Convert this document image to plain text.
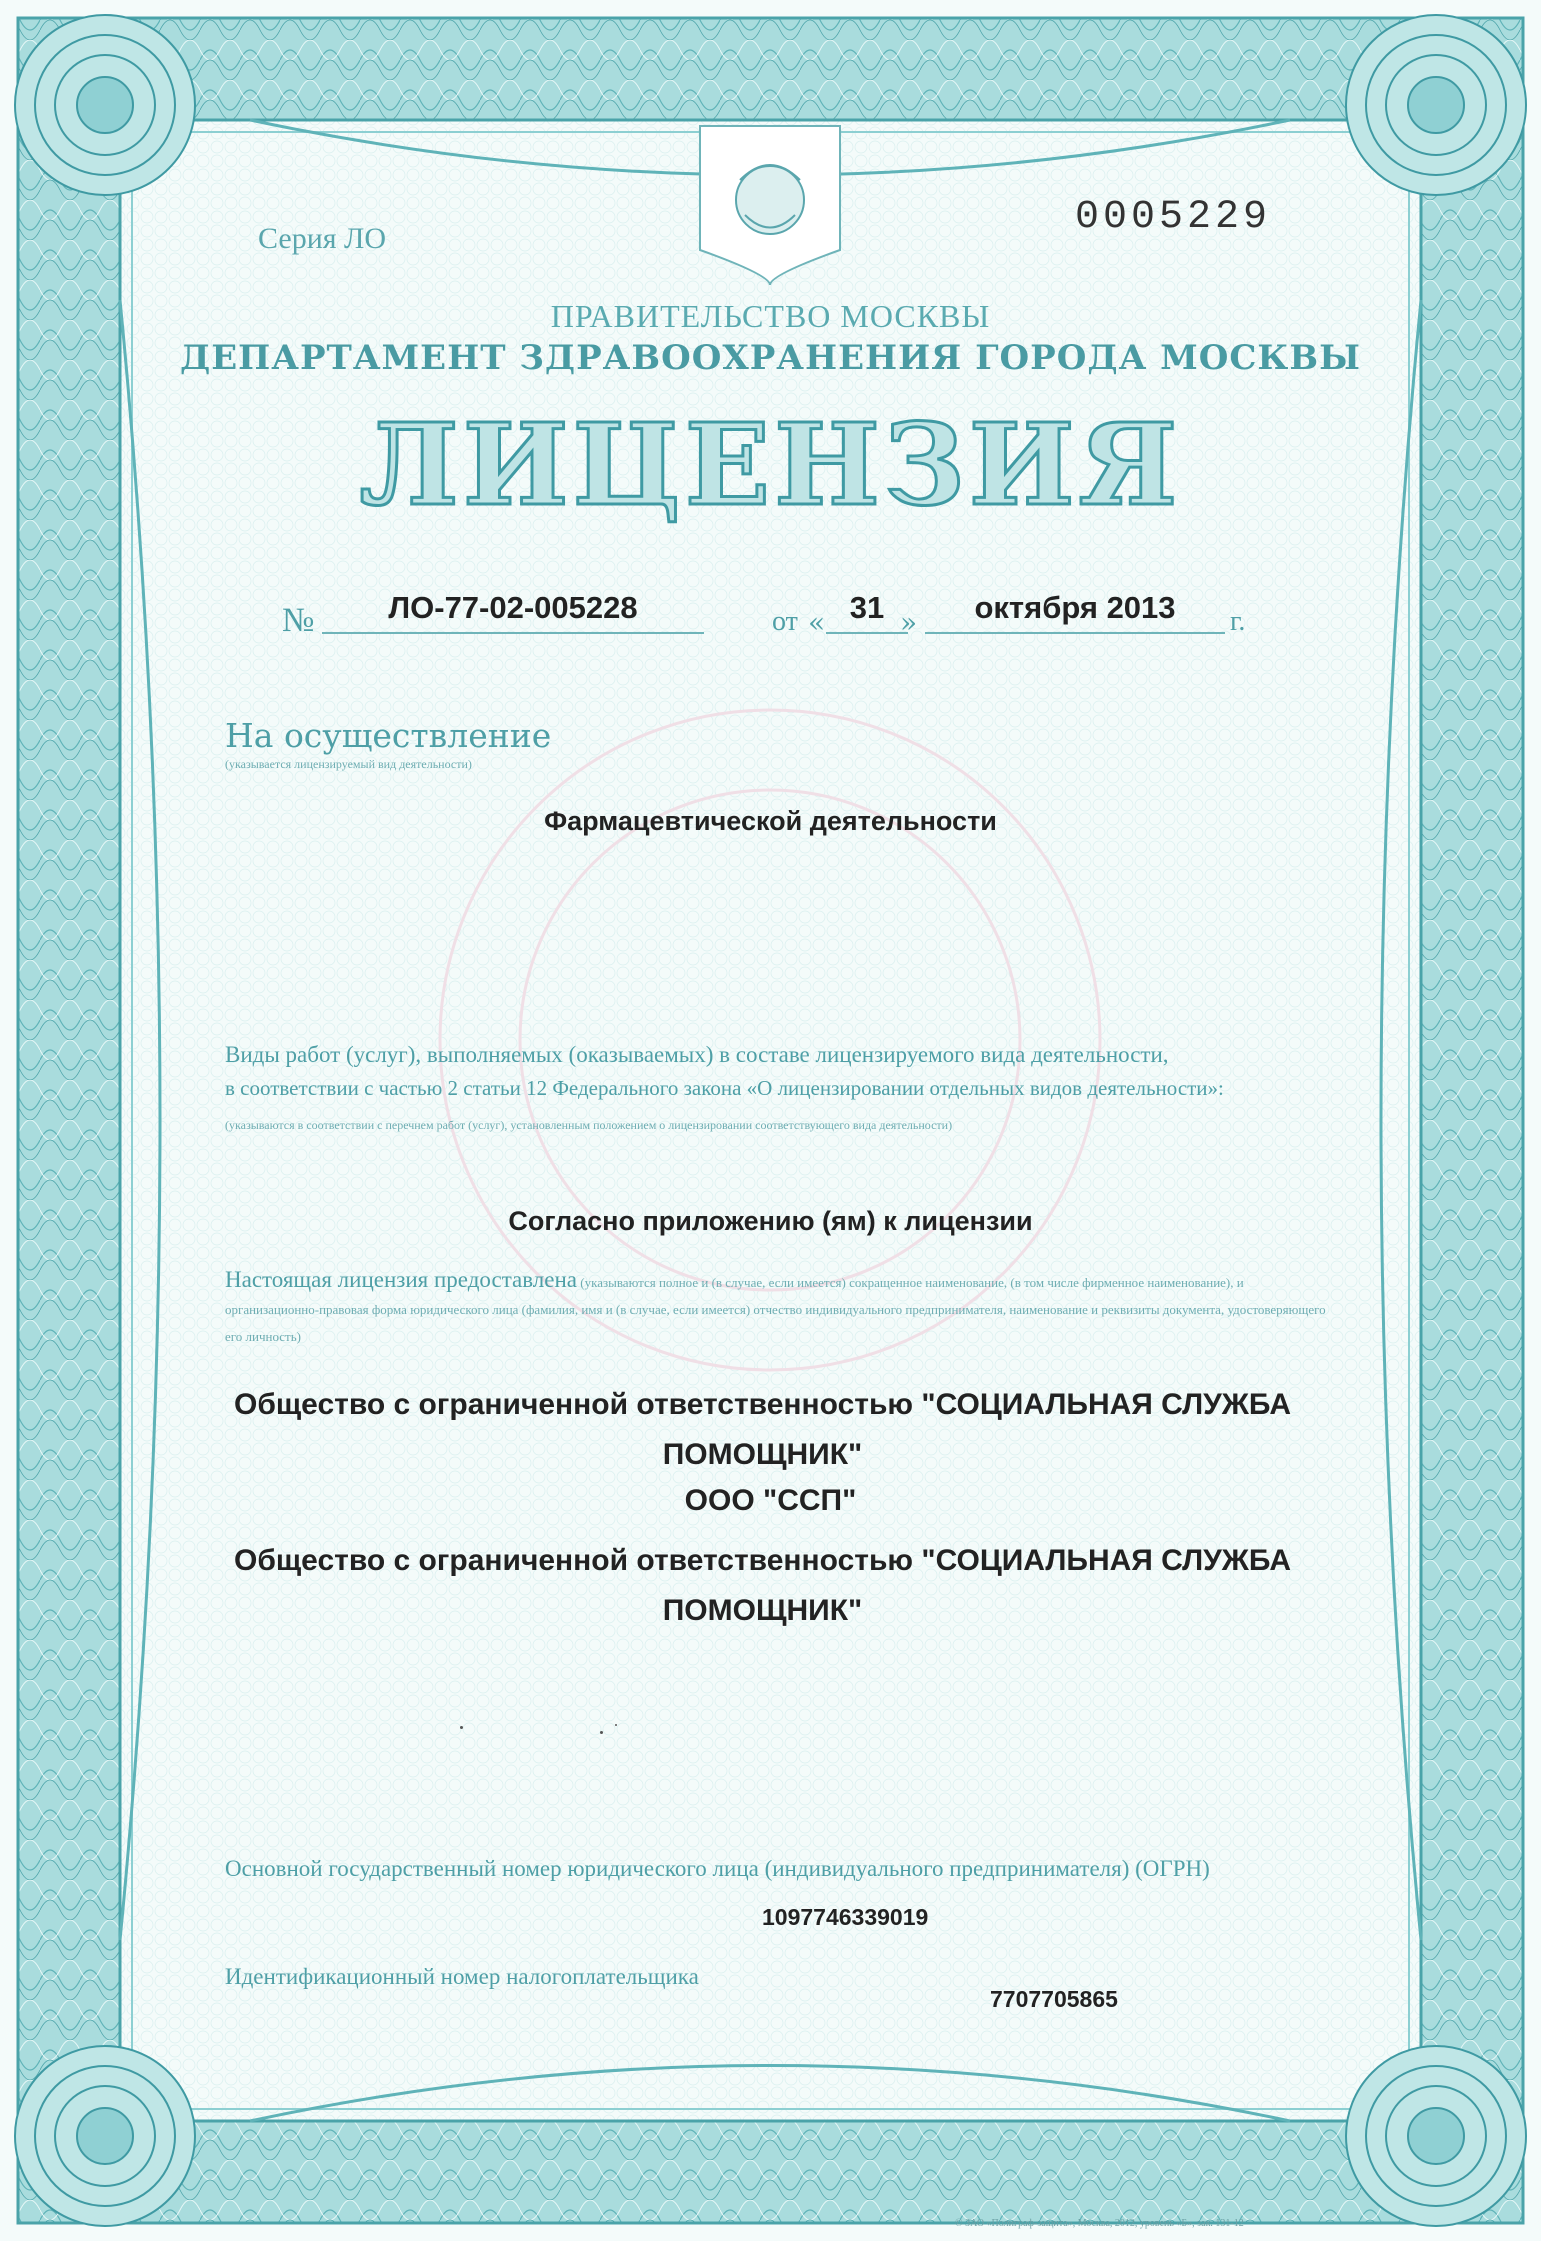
Серия ЛО	0005229
ПРАВИТЕЛЬСТВО МОСКВЫ
ДЕПАРТАМЕНТ ЗДРАВООХРАНЕНИЯ ГОРОДА МОСКВЫ
ЛИЦЕНЗИЯ
№	ЛО-77-02-005228	от « 31 »	октября 2013	г.
На осуществление
(указывается лицензируемый вид деятельности)
Фармацевтической деятельности
Виды работ (услуг), выполняемых (оказываемых) в составе лицензируемого вида деятельности,
в соответствии с частью 2 статьи 12 Федерального закона «О лицензировании отдельных видов деятельности»:
(указываются в соответствии с перечнем работ (услуг), установленным положением о лицензировании соответствующего вида деятельности)
Согласно приложению (ям) к лицензии
Настоящая лицензия предоставлена (указываются полное и (в случае, если имеется) сокращенное наименование, (в том числе фирменное наименование), и организационно-правовая форма юридического лица (фамилия, имя и (в случае, если имеется) отчество индивидуального предпринимателя, наименование и реквизиты документа, удостоверяющего его личность)
Общество с ограниченной ответственностью "СОЦИАЛЬНАЯ СЛУЖБА ПОМОЩНИК"
ООО "ССП"
Общество с ограниченной ответственностью "СОЦИАЛЬНАЯ СЛУЖБА ПОМОЩНИК"
Основной государственный номер юридического лица (индивидуального предпринимателя) (ОГРН)
1097746339019
Идентификационный номер налогоплательщика
7707705865
© ЗАО «Полиграф-защита», Москва, 2012, уровень «Б», зак. 131-12
